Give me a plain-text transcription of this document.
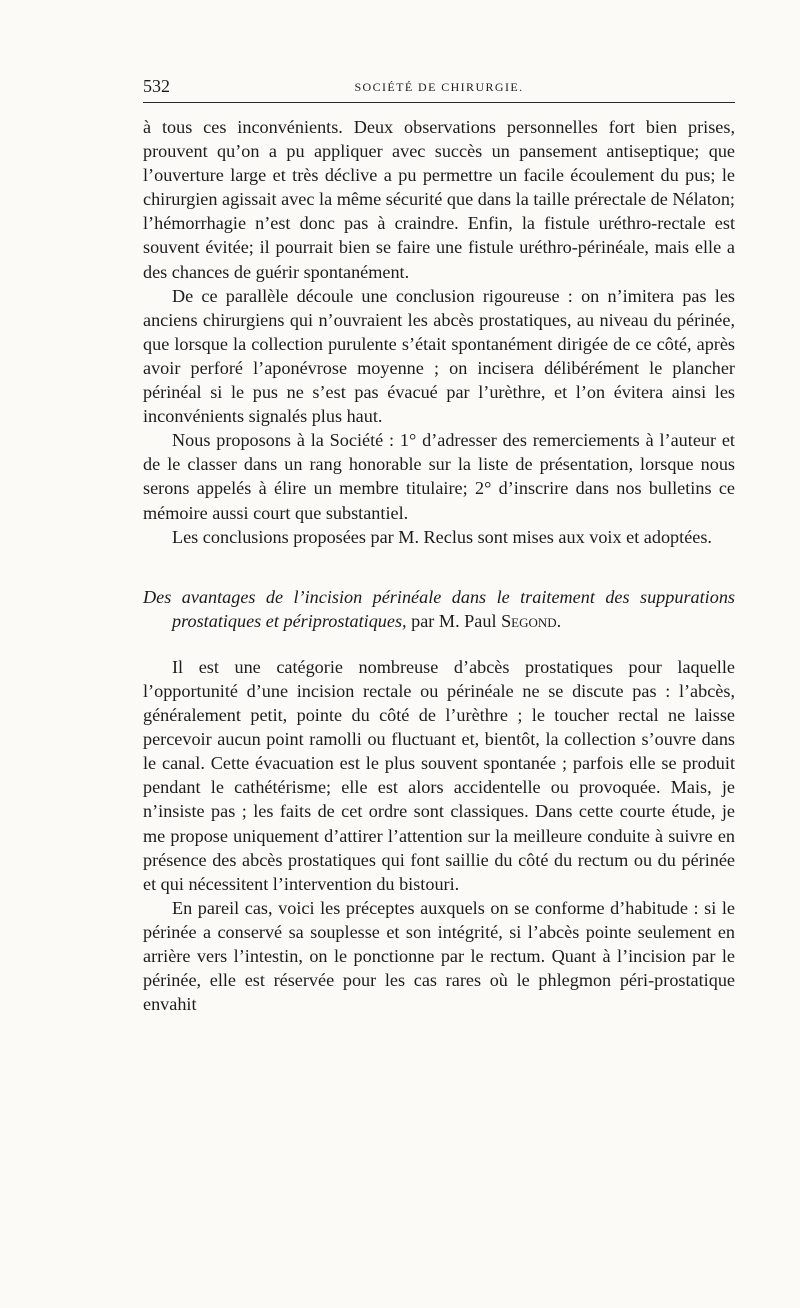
532	SOCIÉTÉ DE CHIRURGIE.

à tous ces inconvénients. Deux observations personnelles fort bien prises, prouvent qu’on a pu appliquer avec succès un pansement antiseptique; que l’ouverture large et très déclive a pu permettre un facile écoulement du pus; le chirurgien agissait avec la même sécurité que dans la taille prérectale de Nélaton; l’hémorrhagie n’est donc pas à craindre. Enfin, la fistule uréthro-rectale est souvent évitée; il pourrait bien se faire une fistule uréthro-périnéale, mais elle a des chances de guérir spontanément.

De ce parallèle découle une conclusion rigoureuse : on n’imitera pas les anciens chirurgiens qui n’ouvraient les abcès prostatiques, au niveau du périnée, que lorsque la collection purulente s’était spontanément dirigée de ce côté, après avoir perforé l’aponévrose moyenne ; on incisera délibérément le plancher périnéal si le pus ne s’est pas évacué par l’urèthre, et l’on évitera ainsi les inconvénients signalés plus haut.

Nous proposons à la Société : 1° d’adresser des remerciements à l’auteur et de le classer dans un rang honorable sur la liste de présentation, lorsque nous serons appelés à élire un membre titulaire; 2° d’inscrire dans nos bulletins ce mémoire aussi court que substantiel.

Les conclusions proposées par M. Reclus sont mises aux voix et adoptées.

Des avantages de l’incision périnéale dans le traitement des suppurations prostatiques et périprostatiques, par M. Paul Segond.

Il est une catégorie nombreuse d’abcès prostatiques pour laquelle l’opportunité d’une incision rectale ou périnéale ne se discute pas : l’abcès, généralement petit, pointe du côté de l’urèthre ; le toucher rectal ne laisse percevoir aucun point ramolli ou fluctuant et, bientôt, la collection s’ouvre dans le canal. Cette évacuation est le plus souvent spontanée ; parfois elle se produit pendant le cathétérisme; elle est alors accidentelle ou provoquée. Mais, je n’insiste pas ; les faits de cet ordre sont classiques. Dans cette courte étude, je me propose uniquement d’attirer l’attention sur la meilleure conduite à suivre en présence des abcès prostatiques qui font saillie du côté du rectum ou du périnée et qui nécessitent l’intervention du bistouri.

En pareil cas, voici les préceptes auxquels on se conforme d’habitude : si le périnée a conservé sa souplesse et son intégrité, si l’abcès pointe seulement en arrière vers l’intestin, on le ponctionne par le rectum. Quant à l’incision par le périnée, elle est réservée pour les cas rares où le phlegmon péri-prostatique envahit
